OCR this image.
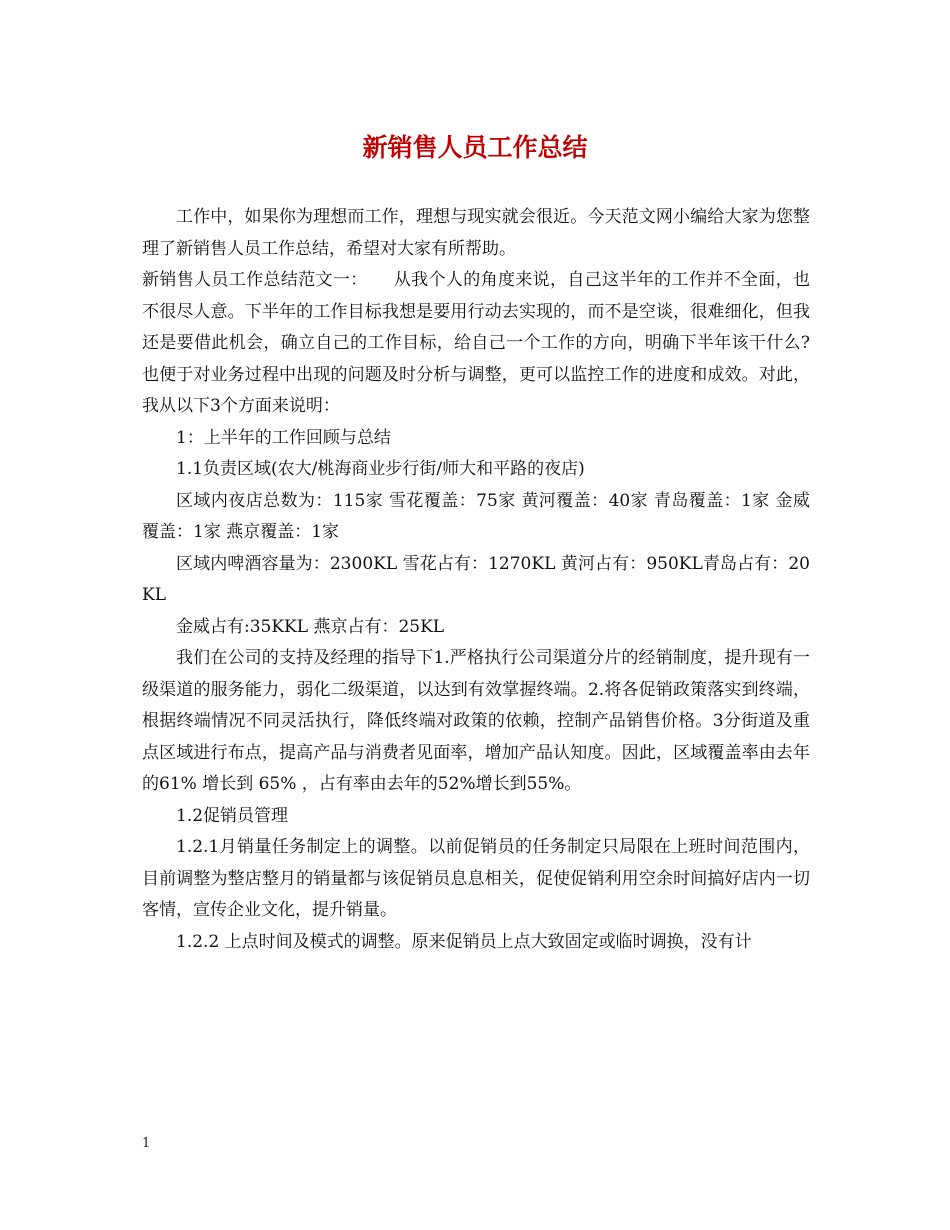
新销售人员工作总结

工作中，如果你为理想而工作，理想与现实就会很近。今天范文网小编给大家为您整理了新销售人员工作总结，希望对大家有所帮助。

新销售人员工作总结范文一：　　从我个人的角度来说，自己这半年的工作并不全面，也不很尽人意。下半年的工作目标我想是要用行动去实现的，而不是空谈，很难细化，但我还是要借此机会，确立自己的工作目标，给自己一个工作的方向，明确下半年该干什么?也便于对业务过程中出现的问题及时分析与调整，更可以监控工作的进度和成效。对此，我从以下3个方面来说明：

1：上半年的工作回顾与总结

1.1负责区域(农大/桃海商业步行街/师大和平路的夜店)

区域内夜店总数为：115家 雪花覆盖：75家 黄河覆盖：40家 青岛覆盖：1家 金威覆盖：1家 燕京覆盖：1家

区域内啤酒容量为：2300KL 雪花占有：1270KL 黄河占有：950KL青岛占有：20KL

金威占有:35KKL 燕京占有：25KL

我们在公司的支持及经理的指导下1.严格执行公司渠道分片的经销制度，提升现有一级渠道的服务能力，弱化二级渠道，以达到有效掌握终端。2.将各促销政策落实到终端，根据终端情况不同灵活执行，降低终端对政策的依赖，控制产品销售价格。3分街道及重点区域进行布点，提高产品与消费者见面率，增加产品认知度。因此，区域覆盖率由去年的61% 增长到 65% ，占有率由去年的52%增长到55%。

1.2促销员管理

1.2.1月销量任务制定上的调整。以前促销员的任务制定只局限在上班时间范围内，目前调整为整店整月的销量都与该促销员息息相关，促使促销利用空余时间搞好店内一切客情，宣传企业文化，提升销量。

1.2.2 上点时间及模式的调整。原来促销员上点大致固定或临时调换，没有计

1
